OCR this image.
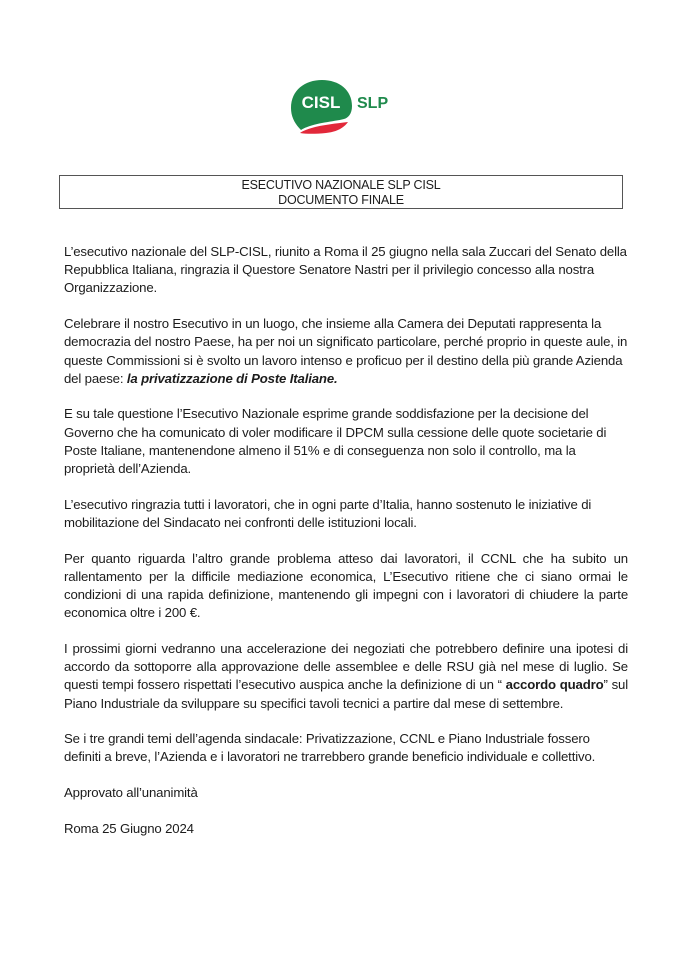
CISL SLP
ESECUTIVO NAZIONALE SLP CISL
DOCUMENTO FINALE

L’esecutivo nazionale del SLP-CISL, riunito a Roma il 25 giugno nella sala Zuccari del Senato della Repubblica Italiana, ringrazia il Questore Senatore Nastri per il privilegio concesso alla nostra Organizzazione.

Celebrare il nostro Esecutivo in un luogo, che insieme alla Camera dei Deputati rappresenta la democrazia del nostro Paese, ha per noi un significato particolare, perché proprio in queste aule, in queste Commissioni si è svolto un lavoro intenso e proficuo per il destino della più grande Azienda del paese: la privatizzazione di Poste Italiane.

E su tale questione l’Esecutivo Nazionale esprime grande soddisfazione per la decisione del Governo che ha comunicato di voler modificare il DPCM sulla cessione delle quote societarie di Poste Italiane, mantenendone almeno il 51% e di conseguenza non solo il controllo, ma la proprietà dell’Azienda.

L’esecutivo ringrazia tutti i lavoratori, che in ogni parte d’Italia, hanno sostenuto le iniziative di mobilitazione del Sindacato nei confronti delle istituzioni locali.

Per quanto riguarda l’altro grande problema atteso dai lavoratori, il CCNL che ha subito un rallentamento per la difficile mediazione economica, L’Esecutivo ritiene che ci siano ormai le condizioni di una rapida definizione, mantenendo gli impegni con i lavoratori di chiudere la parte economica oltre i 200 €.

I prossimi giorni vedranno una accelerazione dei negoziati che potrebbero definire una ipotesi di accordo da sottoporre alla approvazione delle assemblee e delle RSU già nel mese di luglio. Se questi tempi fossero rispettati l’esecutivo auspica anche la definizione di un “ accordo quadro” sul Piano Industriale da sviluppare su specifici tavoli tecnici a partire dal mese di settembre.

Se i tre grandi temi dell’agenda sindacale: Privatizzazione, CCNL e Piano Industriale fossero definiti a breve, l’Azienda e i lavoratori ne trarrebbero grande beneficio individuale e collettivo.

Approvato all’unanimità

Roma 25 Giugno 2024
